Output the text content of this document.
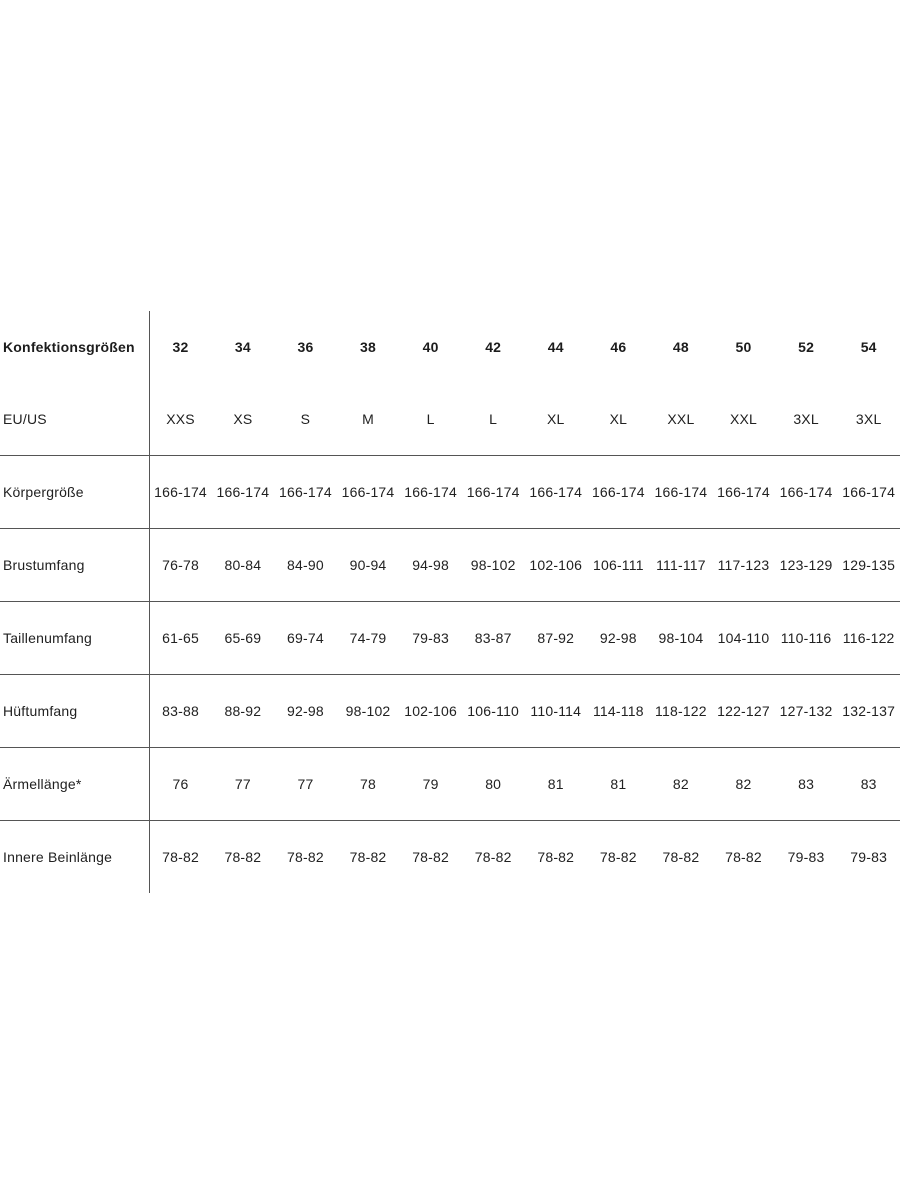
Konfektionsgrößen	32	34	36	38	40	42	44	46	48	50	52	54
EU/US	XXS	XS	S	M	L	L	XL	XL	XXL	XXL	3XL	3XL
Körpergröße	166-174	166-174	166-174	166-174	166-174	166-174	166-174	166-174	166-174	166-174	166-174	166-174
Brustumfang	76-78	80-84	84-90	90-94	94-98	98-102	102-106	106-111	111-117	117-123	123-129	129-135
Taillenumfang	61-65	65-69	69-74	74-79	79-83	83-87	87-92	92-98	98-104	104-110	110-116	116-122
Hüftumfang	83-88	88-92	92-98	98-102	102-106	106-110	110-114	114-118	118-122	122-127	127-132	132-137
Ärmellänge*	76	77	77	78	79	80	81	81	82	82	83	83
Innere Beinlänge	78-82	78-82	78-82	78-82	78-82	78-82	78-82	78-82	78-82	78-82	79-83	79-83
